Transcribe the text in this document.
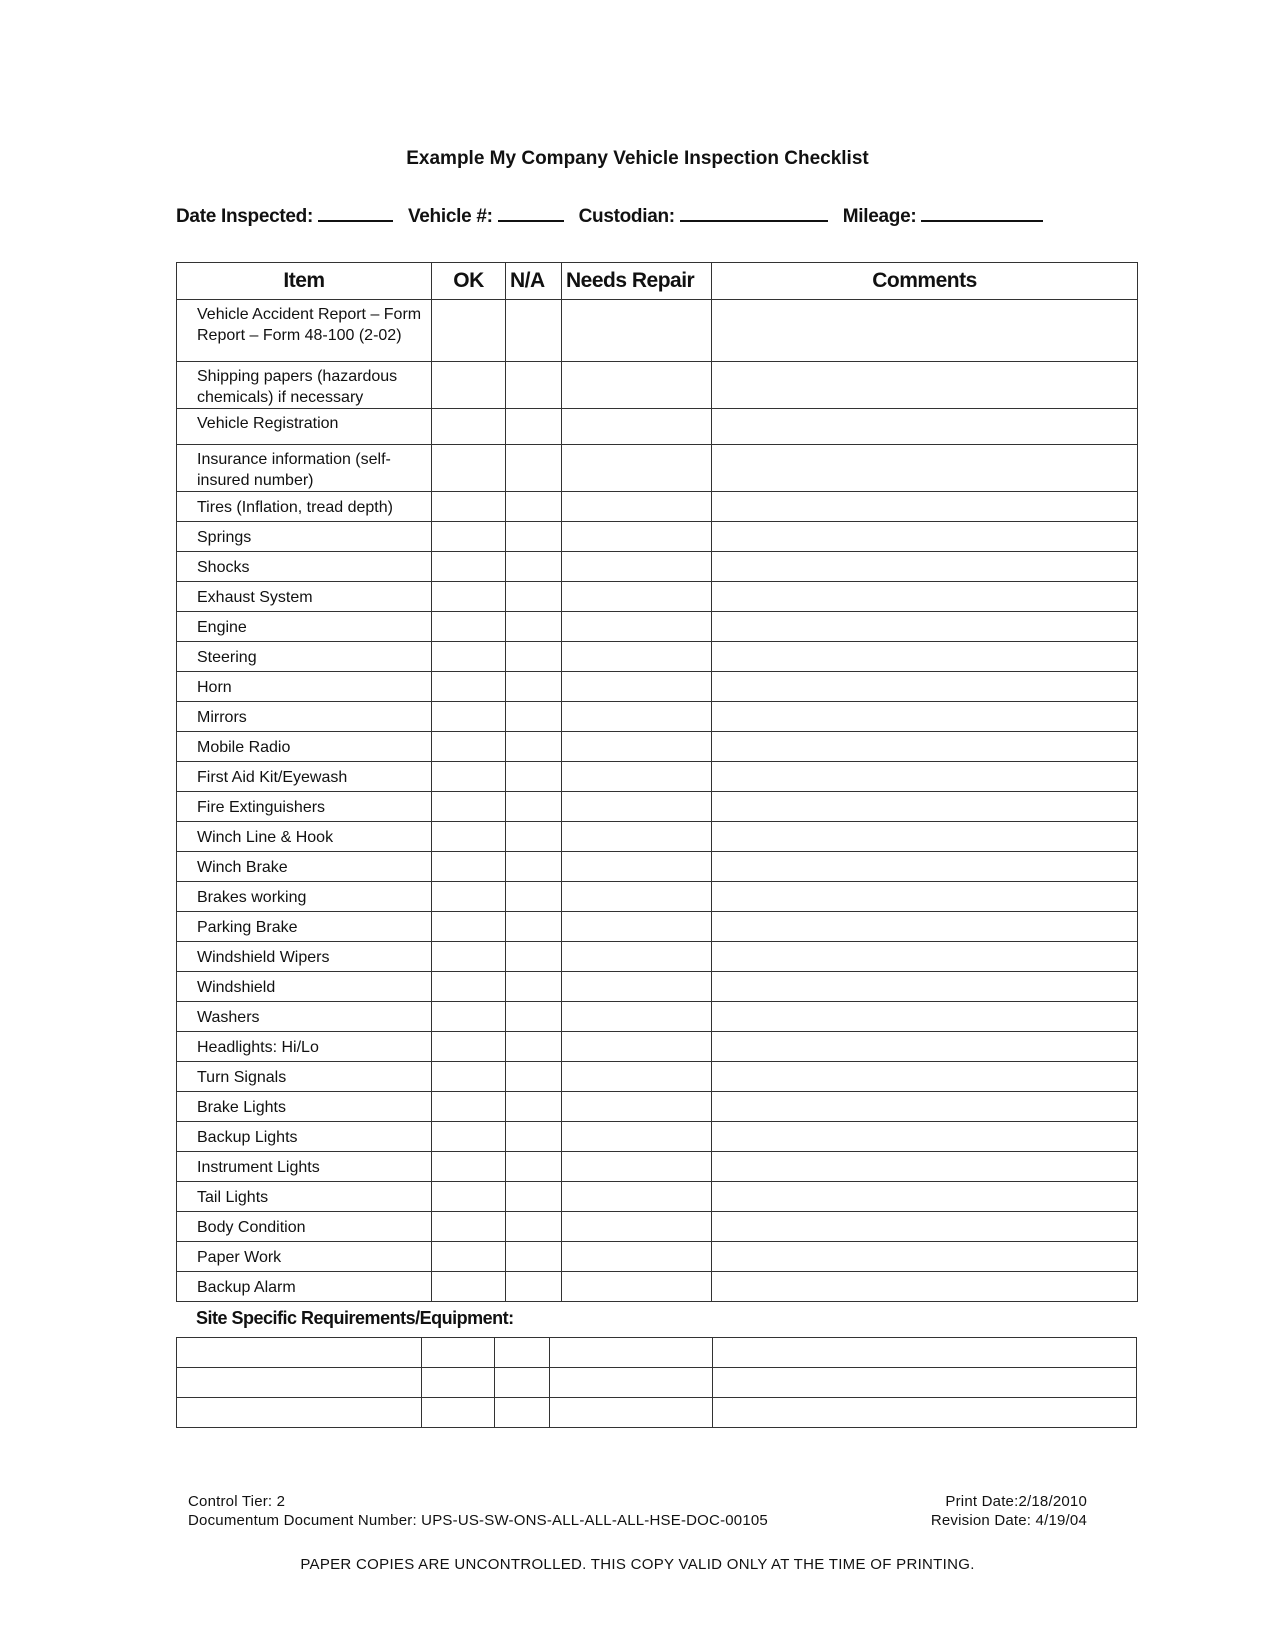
Example My Company Vehicle Inspection Checklist
Date Inspected:	Vehicle #:	Custodian:	Mileage:
Item	OK	N/A	Needs Repair	Comments
Vehicle Accident Report – Form Report – Form 48-100 (2-02)				
Shipping papers (hazardous chemicals) if necessary				
Vehicle Registration				
Insurance information (self-insured number)				
Tires (Inflation, tread depth)				
Springs				
Shocks				
Exhaust System				
Engine				
Steering				
Horn				
Mirrors				
Mobile Radio				
First Aid Kit/Eyewash				
Fire Extinguishers				
Winch Line & Hook				
Winch Brake				
Brakes working				
Parking Brake				
Windshield Wipers				
Windshield				
Washers				
Headlights: Hi/Lo				
Turn Signals				
Brake Lights				
Backup Lights				
Instrument Lights				
Tail Lights				
Body Condition				
Paper Work				
Backup Alarm				
Site Specific Requirements/Equipment:

Control Tier: 2
Documentum Document Number: UPS-US-SW-ONS-ALL-ALL-ALL-HSE-DOC-00105
Print Date:2/18/2010
Revision Date: 4/19/04
PAPER COPIES ARE UNCONTROLLED. THIS COPY VALID ONLY AT THE TIME OF PRINTING.
